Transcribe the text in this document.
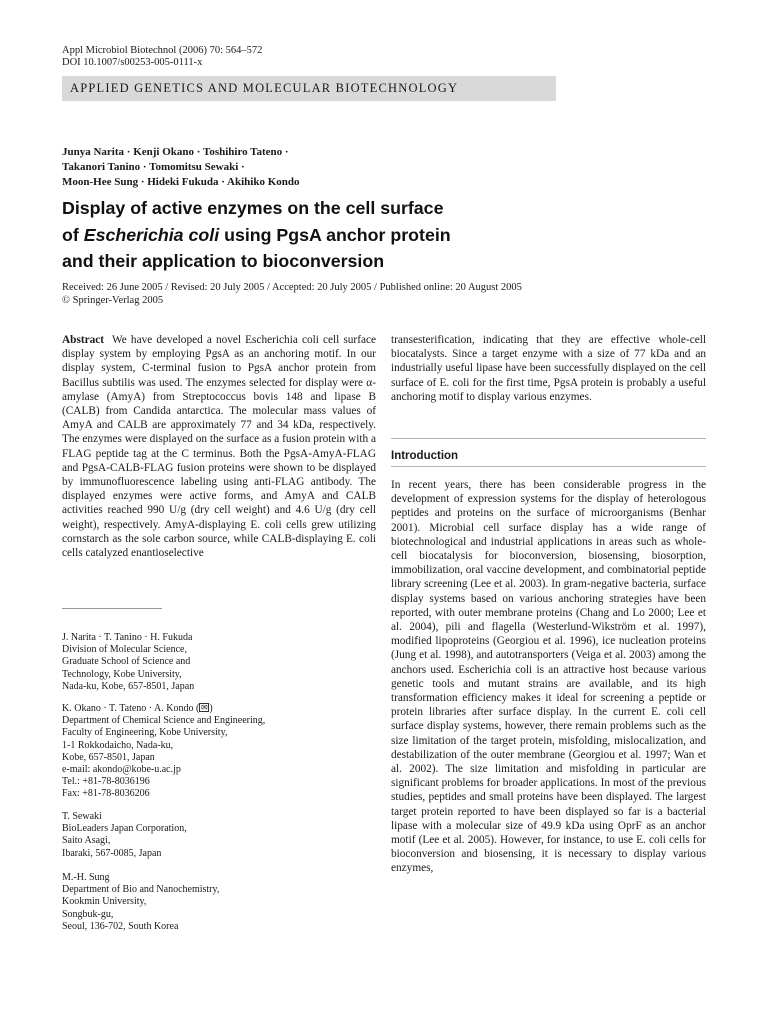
Appl Microbiol Biotechnol (2006) 70: 564–572
DOI 10.1007/s00253-005-0111-x
APPLIED GENETICS AND MOLECULAR BIOTECHNOLOGY
Junya Narita · Kenji Okano · Toshihiro Tateno ·
Takanori Tanino · Tomomitsu Sewaki ·
Moon-Hee Sung · Hideki Fukuda · Akihiko Kondo
Display of active enzymes on the cell surface
of Escherichia coli using PgsA anchor protein
and their application to bioconversion
Received: 26 June 2005 / Revised: 20 July 2005 / Accepted: 20 July 2005 / Published online: 20 August 2005
© Springer-Verlag 2005
Abstract We have developed a novel Escherichia coli cell surface display system by employing PgsA as an anchoring motif. In our display system, C-terminal fusion to PgsA anchor protein from Bacillus subtilis was used. The enzymes selected for display were α-amylase (AmyA) from Streptococcus bovis 148 and lipase B (CALB) from Candida antarctica. The molecular mass values of AmyA and CALB are approximately 77 and 34 kDa, respectively. The enzymes were displayed on the surface as a fusion protein with a FLAG peptide tag at the C terminus. Both the PgsA-AmyA-FLAG and PgsA-CALB-FLAG fusion proteins were shown to be displayed by immunofluorescence labeling using anti-FLAG antibody. The displayed enzymes were active forms, and AmyA and CALB activities reached 990 U/g (dry cell weight) and 4.6 U/g (dry cell weight), respectively. AmyA-displaying E. coli cells grew utilizing cornstarch as the sole carbon source, while CALB-displaying E. coli cells catalyzed enantioselective
transesterification, indicating that they are effective whole-cell biocatalysts. Since a target enzyme with a size of 77 kDa and an industrially useful lipase have been successfully displayed on the cell surface of E. coli for the first time, PgsA protein is probably a useful anchoring motif to display various enzymes.
Introduction
In recent years, there has been considerable progress in the development of expression systems for the display of heterologous peptides and proteins on the surface of microorganisms (Benhar 2001). Microbial cell surface display has a wide range of biotechnological and industrial applications in areas such as whole-cell biocatalysis for bioconversion, biosensing, biosorption, immobilization, oral vaccine development, and combinatorial peptide library screening (Lee et al. 2003). In gram-negative bacteria, surface display systems based on various anchoring strategies have been reported, with outer membrane proteins (Chang and Lo 2000; Lee et al. 2004), pili and flagella (Westerlund-Wikström et al. 1997), modified lipoproteins (Georgiou et al. 1996), ice nucleation proteins (Jung et al. 1998), and autotransporters (Veiga et al. 2003) among the anchors used. Escherichia coli is an attractive host because various genetic tools and mutant strains are available, and its high transformation efficiency makes it ideal for screening a peptide or protein libraries after surface display. In the current E. coli cell surface display systems, however, there remain problems such as the size limitation of the target protein, misfolding, mislocalization, and destabilization of the outer membrane (Georgiou et al. 1997; Wan et al. 2002). The size limitation and misfolding in particular are significant problems for broader applications. In most of the previous studies, peptides and small proteins have been displayed. The largest target protein reported to have been displayed so far is a bacterial lipase with a molecular size of 49.9 kDa using OprF as an anchor motif (Lee et al. 2005). However, for instance, to use E. coli cells for bioconversion and biosensing, it is necessary to display various enzymes,
J. Narita · T. Tanino · H. Fukuda
Division of Molecular Science,
Graduate School of Science and
Technology, Kobe University,
Nada-ku, Kobe, 657-8501, Japan
K. Okano · T. Tateno · A. Kondo ( ✉ )
Department of Chemical Science and Engineering,
Faculty of Engineering, Kobe University,
1-1 Rokkodaicho, Nada-ku,
Kobe, 657-8501, Japan
e-mail: akondo@kobe-u.ac.jp
Tel.: +81-78-8036196
Fax: +81-78-8036206
T. Sewaki
BioLeaders Japan Corporation,
Saito Asagi,
Ibaraki, 567-0085, Japan
M.-H. Sung
Department of Bio and Nanochemistry,
Kookmin University,
Songbuk-gu,
Seoul, 136-702, South Korea
